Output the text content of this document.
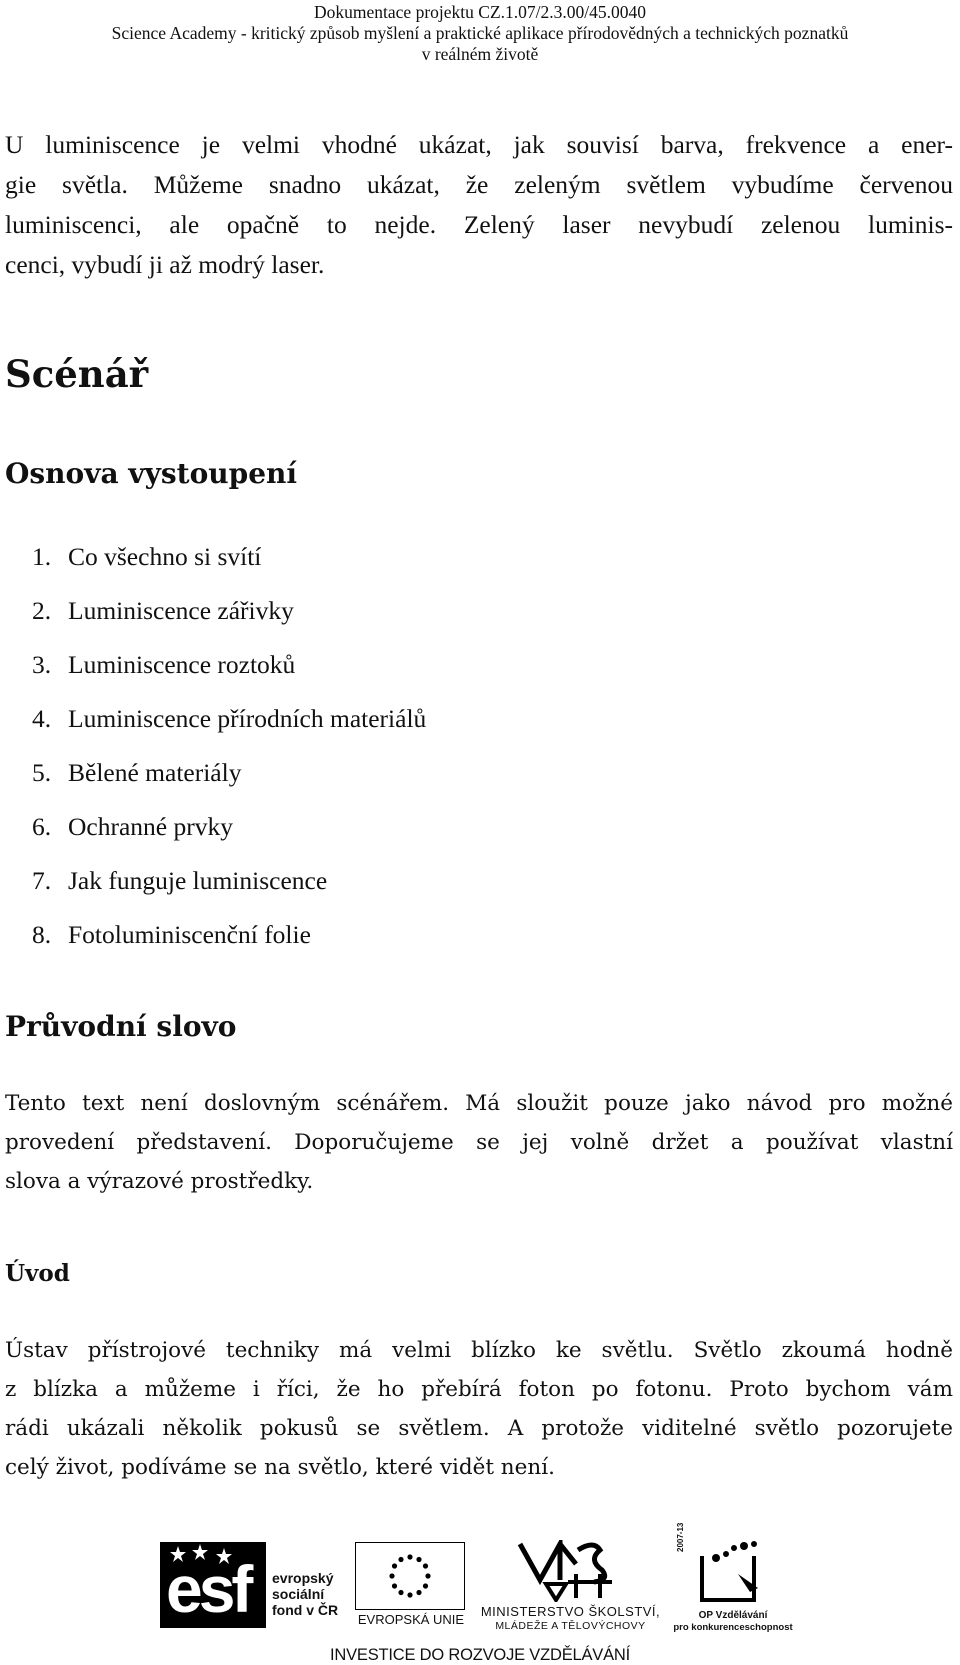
Dokumentace projektu CZ.1.07/2.3.00/45.0040
Science Academy - kritický způsob myšlení a praktické aplikace přírodovědných a technických poznatků
v reálném životě
U luminiscence je velmi vhodné ukázat, jak souvisí barva, frekvence a ener-
gie světla. Můžeme snadno ukázat, že zeleným světlem vybudíme červenou
luminiscenci, ale opačně to nejde. Zelený laser nevybudí zelenou luminis-
cenci, vybudí ji až modrý laser.
Scénář
Osnova vystoupení
1. Co všechno si svítí
2. Luminiscence zářivky
3. Luminiscence roztoků
4. Luminiscence přírodních materiálů
5. Bělené materiály
6. Ochranné prvky
7. Jak funguje luminiscence
8. Fotoluminiscenční folie
Průvodní slovo
Tento text není doslovným scénářem. Má sloužit pouze jako návod pro možné
provedení představení. Doporučujeme se jej volně držet a používat vlastní
slova a výrazové prostředky.
Úvod
Ústav přístrojové techniky má velmi blízko ke světlu. Světlo zkoumá hodně
z blízka a můžeme i říci, že ho přebírá foton po fotonu. Proto bychom vám
rádi ukázali několik pokusů se světlem. A protože viditelné světlo pozorujete
celý život, podíváme se na světlo, které vidět není.
esf evropský
sociální
fond v ČR
EVROPSKÁ UNIE
MINISTERSTVO ŠKOLSTVÍ,
MLÁDEŽE A TĚLOVÝCHOVY
2007-13
OP Vzdělávání
pro konkurenceschopnost
INVESTICE DO ROZVOJE VZDĚLÁVÁNÍ
